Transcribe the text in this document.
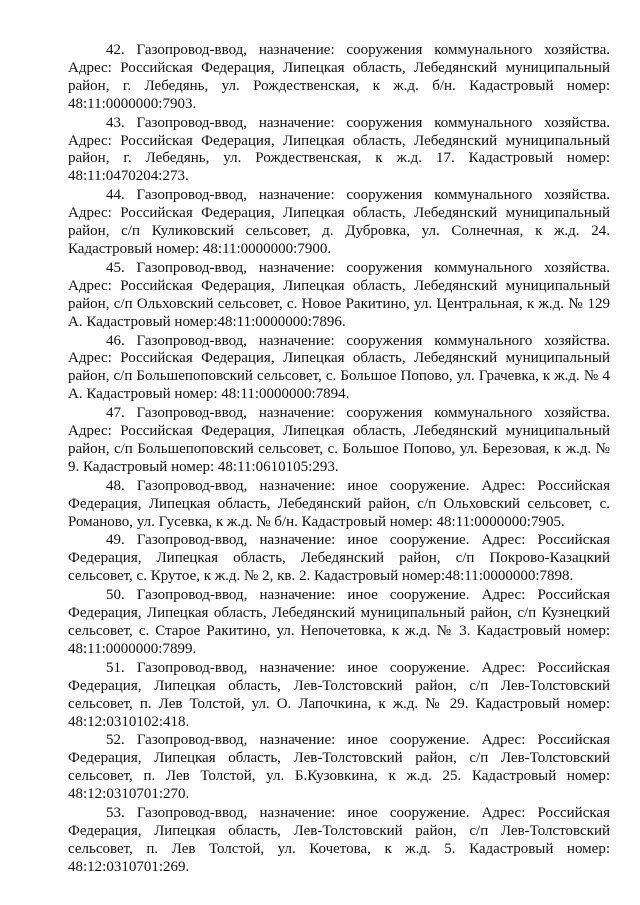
42. Газопровод-ввод, назначение: сооружения коммунального хозяйства. Адрес: Российская Федерация, Липецкая область, Лебедянский муниципальный район, г. Лебедянь, ул. Рождественская, к ж.д. б/н. Кадастровый номер: 48:11:0000000:7903.

43. Газопровод-ввод, назначение: сооружения коммунального хозяйства. Адрес: Российская Федерация, Липецкая область, Лебедянский муниципальный район, г. Лебедянь, ул. Рождественская, к ж.д. 17. Кадастровый номер: 48:11:0470204:273.

44. Газопровод-ввод, назначение: сооружения коммунального хозяйства. Адрес: Российская Федерация, Липецкая область, Лебедянский муниципальный район, с/п Куликовский сельсовет, д. Дубровка, ул. Солнечная, к ж.д. 24. Кадастровый номер: 48:11:0000000:7900.

45. Газопровод-ввод, назначение: сооружения коммунального хозяйства. Адрес: Российская Федерация, Липецкая область, Лебедянский муниципальный район, с/п Ольховский сельсовет, с. Новое Ракитино, ул. Центральная, к ж.д. № 129 А. Кадастровый номер:48:11:0000000:7896.

46. Газопровод-ввод, назначение: сооружения коммунального хозяйства. Адрес: Российская Федерация, Липецкая область, Лебедянский муниципальный район, с/п Большепоповский сельсовет, с. Большое Попово, ул. Грачевка, к ж.д. № 4 А. Кадастровый номер: 48:11:0000000:7894.

47. Газопровод-ввод, назначение: сооружения коммунального хозяйства. Адрес: Российская Федерация, Липецкая область, Лебедянский муниципальный район, с/п Большепоповский сельсовет, с. Большое Попово, ул. Березовая, к ж.д. № 9. Кадастровый номер: 48:11:0610105:293.

48. Газопровод-ввод, назначение: иное сооружение. Адрес: Российская Федерация, Липецкая область, Лебедянский район, с/п Ольховский сельсовет, с. Романово, ул. Гусевка, к ж.д. № б/н. Кадастровый номер: 48:11:0000000:7905.

49. Газопровод-ввод, назначение: иное сооружение. Адрес: Российская Федерация, Липецкая область, Лебедянский район, с/п Покрово-Казацкий сельсовет, с. Крутое, к ж.д. № 2, кв. 2. Кадастровый номер:48:11:0000000:7898.

50. Газопровод-ввод, назначение: иное сооружение. Адрес: Российская Федерация, Липецкая область, Лебедянский муниципальный район, с/п Кузнецкий сельсовет, с. Старое Ракитино, ул. Непочетовка, к ж.д. № 3. Кадастровый номер: 48:11:0000000:7899.

51. Газопровод-ввод, назначение: иное сооружение. Адрес: Российская Федерация, Липецкая область, Лев-Толстовский район, с/п Лев-Толстовский сельсовет, п. Лев Толстой, ул. О. Лапочкина, к ж.д. № 29. Кадастровый номер: 48:12:0310102:418.

52. Газопровод-ввод, назначение: иное сооружение. Адрес: Российская Федерация, Липецкая область, Лев-Толстовский район, с/п Лев-Толстовский сельсовет, п. Лев Толстой, ул. Б.Кузовкина, к ж.д. 25. Кадастровый номер: 48:12:0310701:270.

53. Газопровод-ввод, назначение: иное сооружение. Адрес: Российская Федерация, Липецкая область, Лев-Толстовский район, с/п Лев-Толстовский сельсовет, п. Лев Толстой, ул. Кочетова, к ж.д. 5. Кадастровый номер: 48:12:0310701:269.
